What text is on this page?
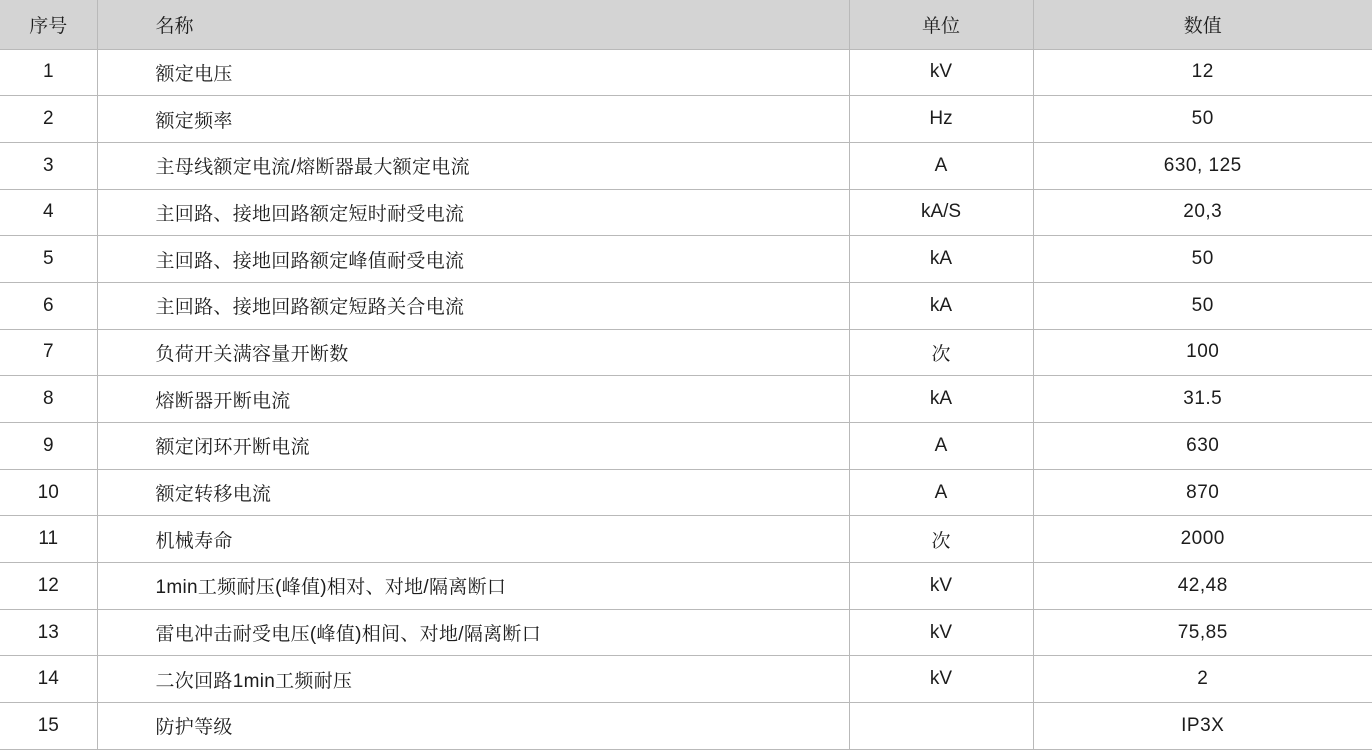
序号	名称	单位	数值
1	额定电压	kV	12
2	额定频率	Hz	50
3	主母线额定电流/熔断器最大额定电流	A	630, 125
4	主回路、接地回路额定短时耐受电流	kA/S	20,3
5	主回路、接地回路额定峰值耐受电流	kA	50
6	主回路、接地回路额定短路关合电流	kA	50
7	负荷开关满容量开断数	次	100
8	熔断器开断电流	kA	31.5
9	额定闭环开断电流	A	630
10	额定转移电流	A	870
11	机械寿命	次	2000
12	1min工频耐压(峰值)相对、对地/隔离断口	kV	42,48
13	雷电冲击耐受电压(峰值)相间、对地/隔离断口	kV	75,85
14	二次回路1min工频耐压	kV	2
15	防护等级		IP3X
